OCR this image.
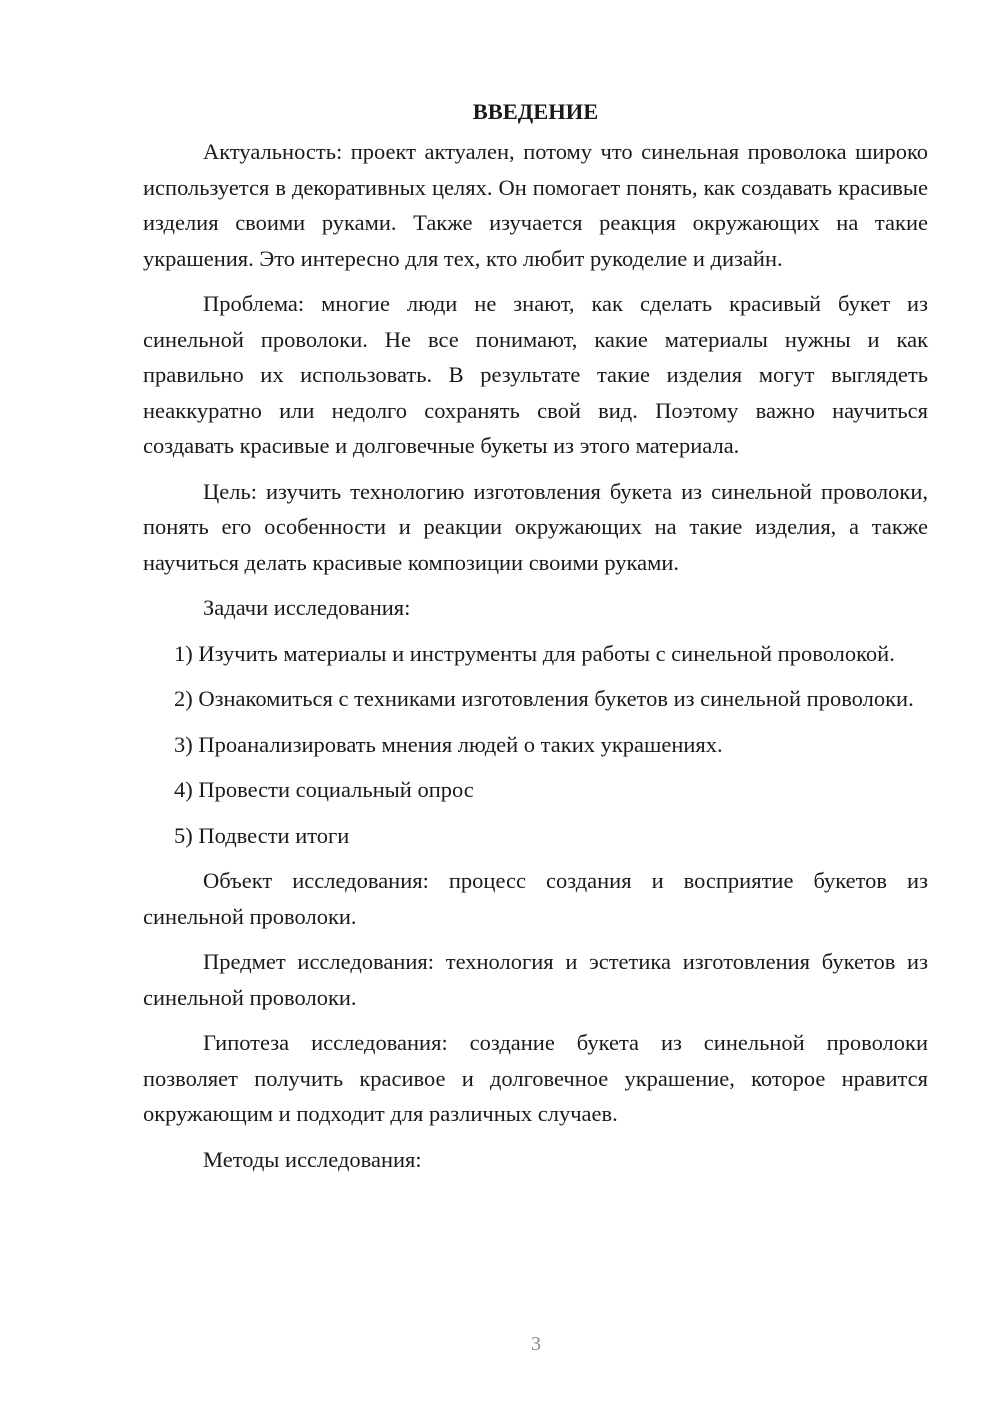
ВВЕДЕНИЕ

Актуальность: проект актуален, потому что синельная проволока широко используется в декоративных целях. Он помогает понять, как создавать красивые изделия своими руками. Также изучается реакция окружающих на такие украшения. Это интересно для тех, кто любит рукоделие и дизайн.

Проблема: многие люди не знают, как сделать красивый букет из синельной проволоки. Не все понимают, какие материалы нужны и как правильно их использовать. В результате такие изделия могут выглядеть неаккуратно или недолго сохранять свой вид. Поэтому важно научиться создавать красивые и долговечные букеты из этого материала.

Цель: изучить технологию изготовления букета из синельной проволоки, понять его особенности и реакции окружающих на такие изделия, а также научиться делать красивые композиции своими руками.

Задачи исследования:

1) Изучить материалы и инструменты для работы с синельной проволокой.

2) Ознакомиться с техниками изготовления букетов из синельной проволоки.

3) Проанализировать мнения людей о таких украшениях.

4) Провести социальный опрос

5) Подвести итоги

Объект исследования: процесс создания и восприятие букетов из синельной проволоки.

Предмет исследования: технология и эстетика изготовления букетов из синельной проволоки.

Гипотеза исследования: создание букета из синельной проволоки позволяет получить красивое и долговечное украшение, которое нравится окружающим и подходит для различных случаев.

Методы исследования:

3
